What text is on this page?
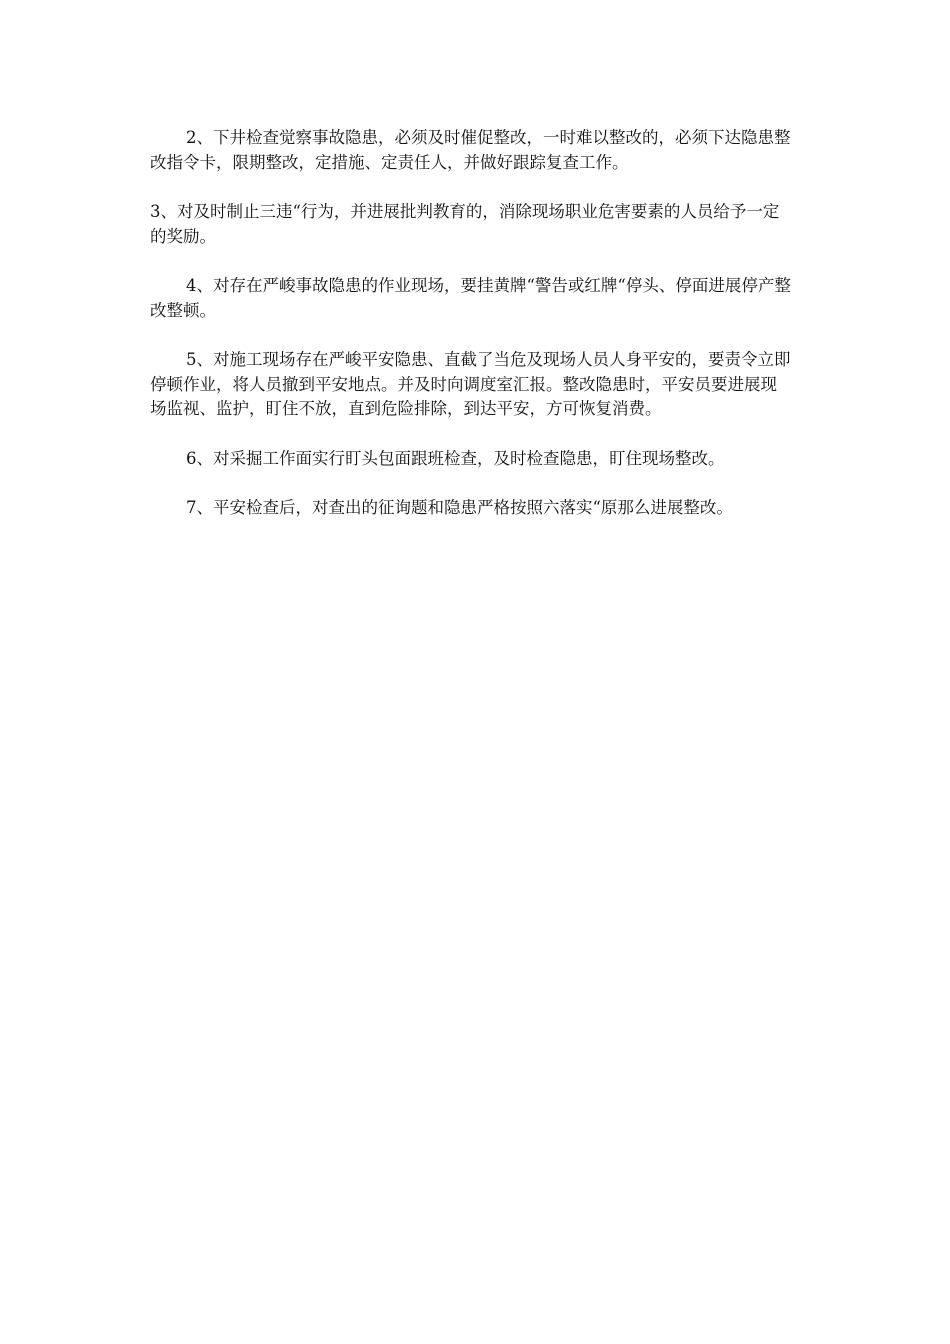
2、下井检查觉察事故隐患，必须及时催促整改，一时难以整改的，必须下达隐患整改指令卡，限期整改，定措施、定责任人，并做好跟踪复查工作。

3、对及时制止三违“行为，并进展批判教育的，消除现场职业危害要素的人员给予一定的奖励。

4、对存在严峻事故隐患的作业现场，要挂黄牌“警告或红牌“停头、停面进展停产整改整顿。

5、对施工现场存在严峻平安隐患、直截了当危及现场人员人身平安的，要责令立即停顿作业，将人员撤到平安地点。并及时向调度室汇报。整改隐患时，平安员要进展现场监视、监护，盯住不放，直到危险排除，到达平安，方可恢复消费。

6、对采掘工作面实行盯头包面跟班检查，及时检查隐患，盯住现场整改。

7、平安检查后，对查出的征询题和隐患严格按照六落实“原那么进展整改。
